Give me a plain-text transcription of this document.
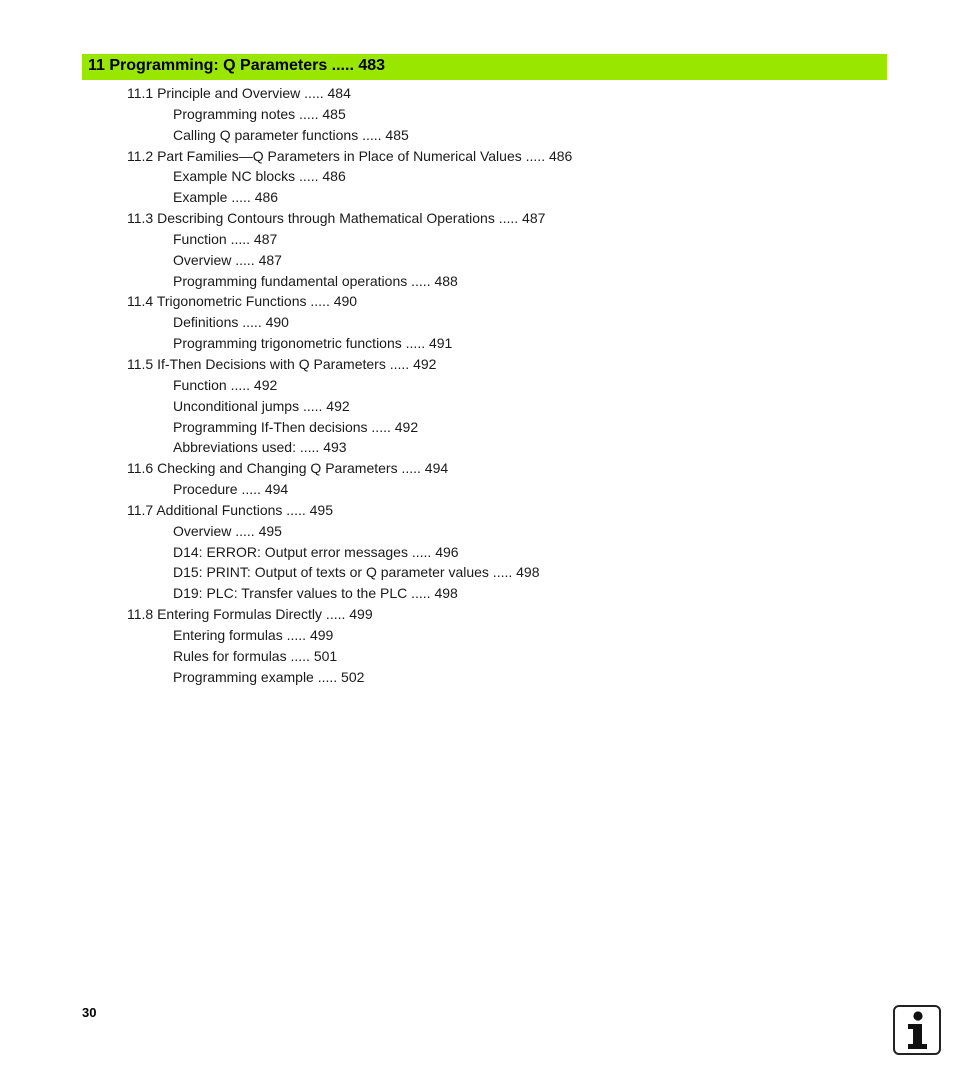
11 Programming: Q Parameters ..... 483
11.1 Principle and Overview ..... 484
Programming notes ..... 485
Calling Q parameter functions ..... 485
11.2 Part Families—Q Parameters in Place of Numerical Values ..... 486
Example NC blocks ..... 486
Example ..... 486
11.3 Describing Contours through Mathematical Operations ..... 487
Function ..... 487
Overview ..... 487
Programming fundamental operations ..... 488
11.4 Trigonometric Functions ..... 490
Definitions ..... 490
Programming trigonometric functions ..... 491
11.5 If-Then Decisions with Q Parameters ..... 492
Function ..... 492
Unconditional jumps ..... 492
Programming If-Then decisions ..... 492
Abbreviations used: ..... 493
11.6 Checking and Changing Q Parameters ..... 494
Procedure ..... 494
11.7 Additional Functions ..... 495
Overview ..... 495
D14: ERROR: Output error messages ..... 496
D15: PRINT: Output of texts or Q parameter values ..... 498
D19: PLC: Transfer values to the PLC ..... 498
11.8 Entering Formulas Directly ..... 499
Entering formulas ..... 499
Rules for formulas ..... 501
Programming example ..... 502
30
